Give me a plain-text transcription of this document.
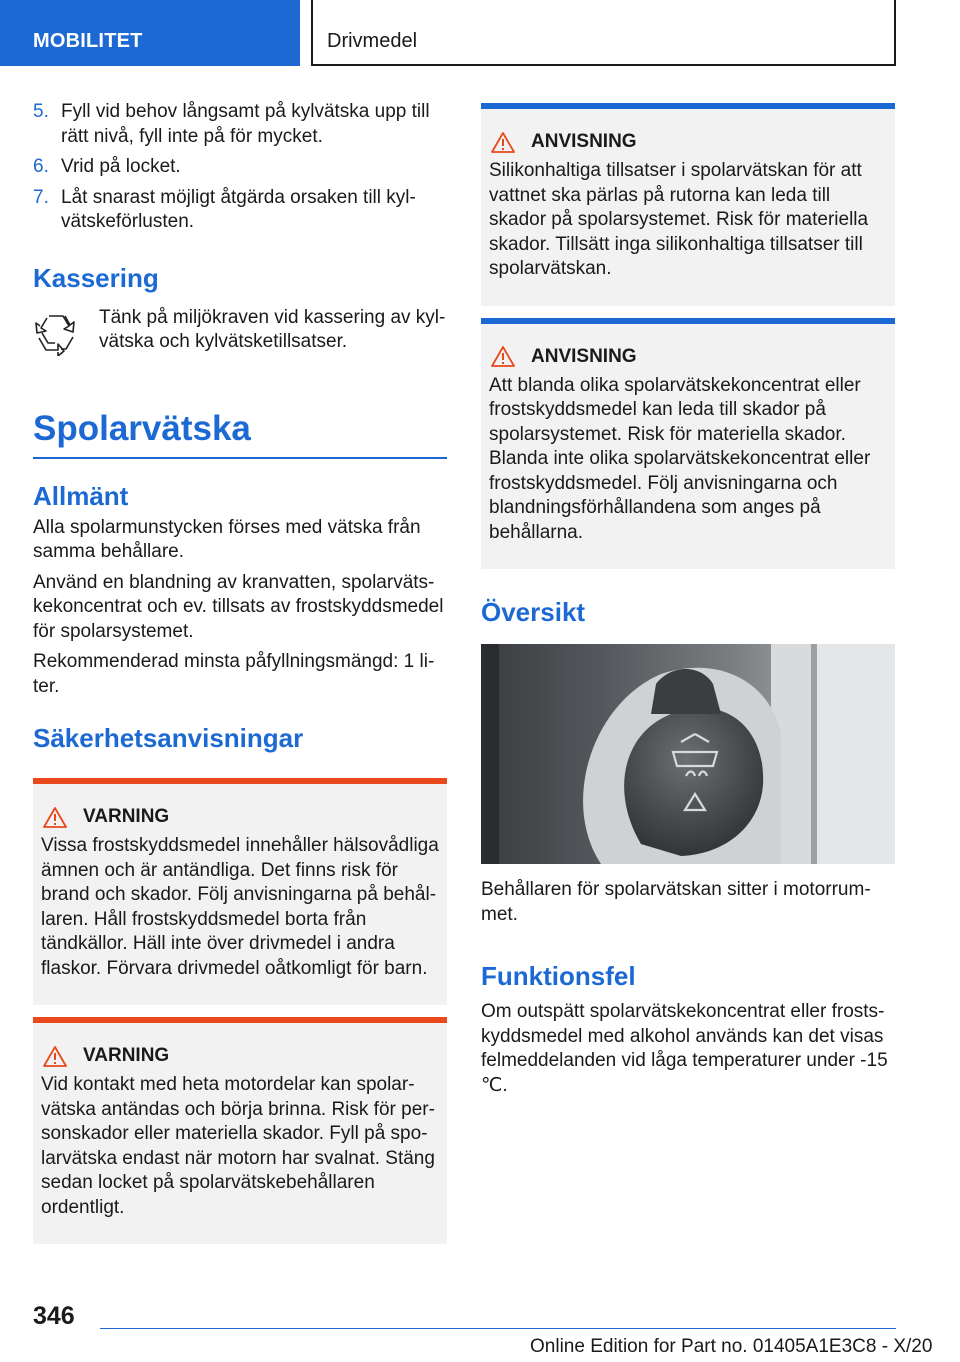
MOBILITET	Drivmedel
5. Fyll vid behov långsamt på kylvätska upp till rätt nivå, fyll inte på för mycket.
6. Vrid på locket.
7. Låt snarast möjligt åtgärda orsaken till kylvätskeförlusten.
Kassering
Tänk på miljökraven vid kassering av kylvätska och kylvätsketillsatser.
Spolarvätska
Allmänt

Alla spolarmunstycken förses med vätska från samma behållare.

Använd en blandning av kranvatten, spolarvätskekoncentrat och ev. tillsats av frostskyddsmedel för spolarsystemet.

Rekommenderad minsta påfyllningsmängd: 1 liter.

Säkerhetsanvisningar
VARNING
Vissa frostskyddsmedel innehåller hälsovådliga ämnen och är antändliga. Det finns risk för brand och skador. Följ anvisningarna på behållaren. Håll frostskyddsmedel borta från tändkällor. Häll inte över drivmedel i andra flaskor. Förvara drivmedel oåtkomligt för barn.
VARNING
Vid kontakt med heta motordelar kan spolarvätska antändas och börja brinna. Risk för personskador eller materiella skador. Fyll på spolarvätska endast när motorn har svalnat. Stäng sedan locket på spolarvätskebehållaren ordentligt.
ANVISNING
Silikonhaltiga tillsatser i spolarvätskan för att vattnet ska pärlas på rutorna kan leda till skador på spolarsystemet. Risk för materiella skador. Tillsätt inga silikonhaltiga tillsatser till spolarvätskan.
ANVISNING
Att blanda olika spolarvätskekoncentrat eller frostskyddsmedel kan leda till skador på spolarsystemet. Risk för materiella skador. Blanda inte olika spolarvätskekoncentrat eller frostskyddsmedel. Följ anvisningarna och blandningsförhållandena som anges på behållarna.
Översikt
Behållaren för spolarvätskan sitter i motorrummet.
Funktionsfel
Om outspätt spolarvätskekoncentrat eller frostskyddsmedel med alkohol används kan det visas felmeddelanden vid låga temperaturer under -15 ℃.
346
Online Edition for Part no. 01405A1E3C8 - X/20
